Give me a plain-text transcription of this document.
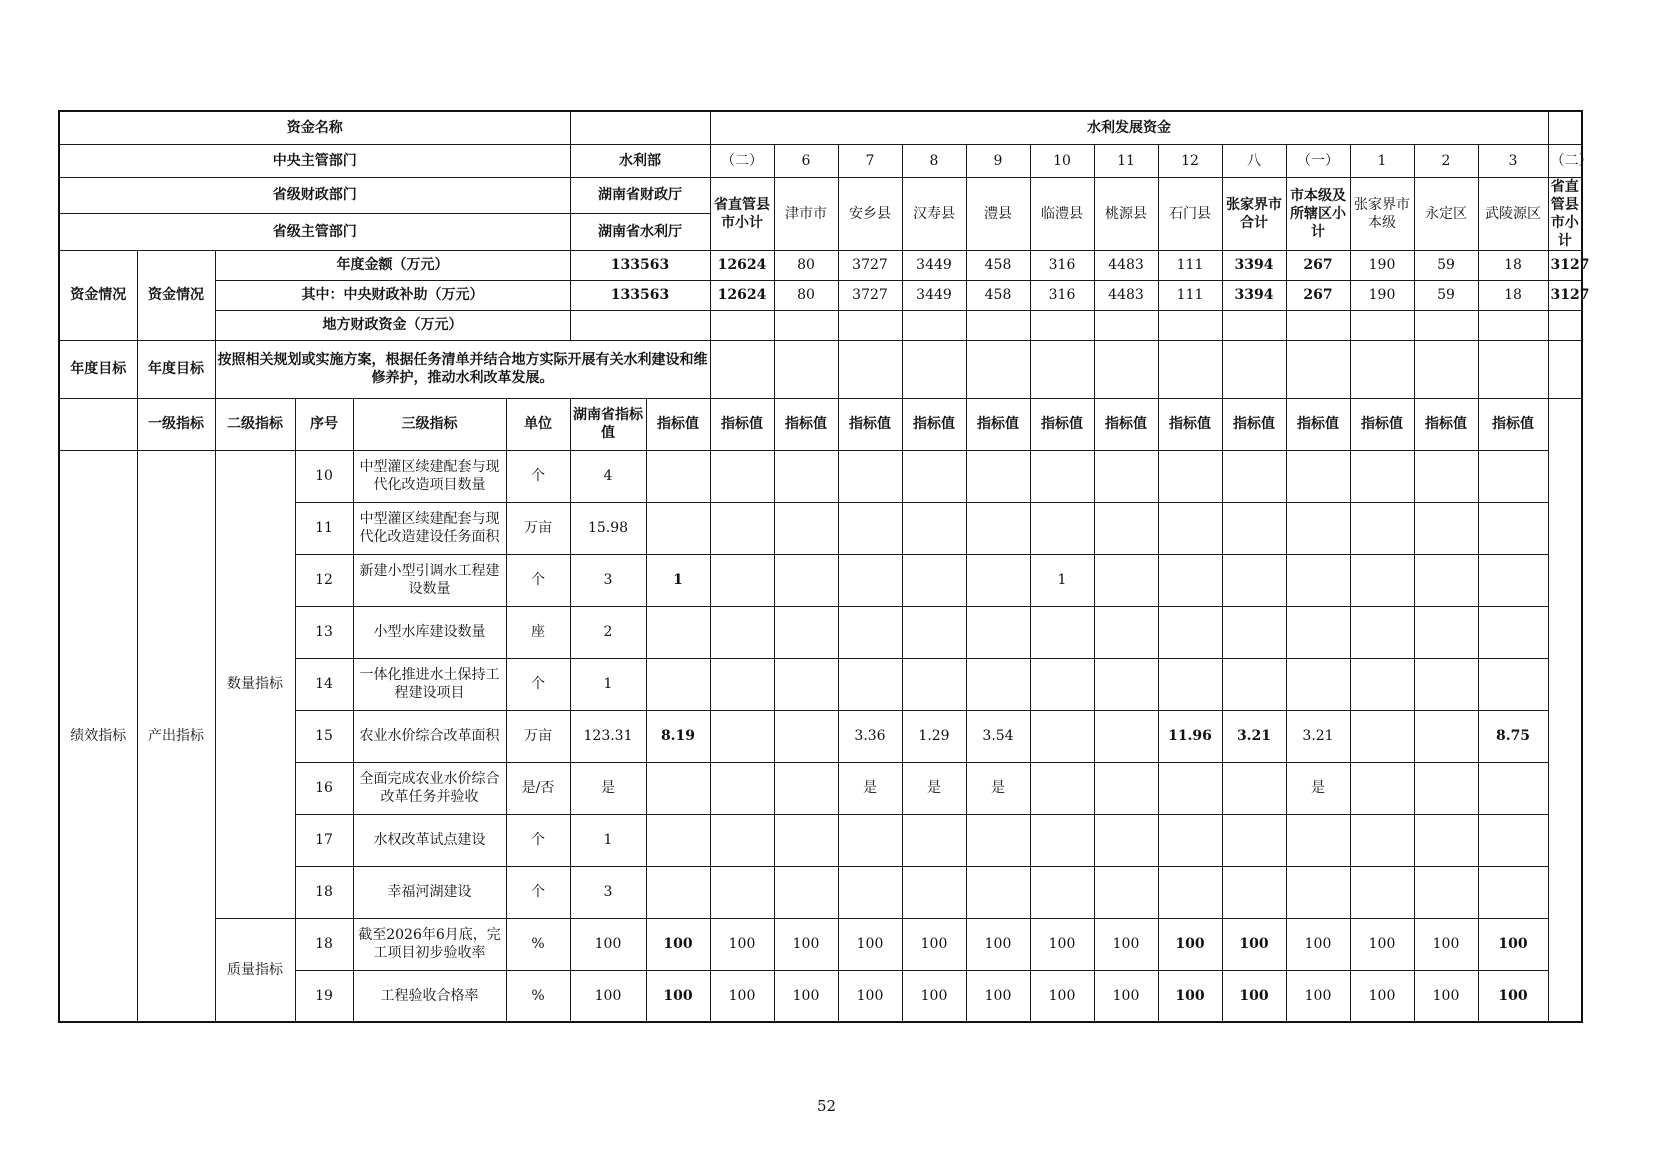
资金名称								水利发展资金													
中央主管部门						水利部		（二）	6	7	8	9	10	11	12	八	（一）	1	2	3	（二）
省级财政部门						湖南省财政厅		省直管县市小计	津市市	安乡县	汉寿县	澧县	临澧县	桃源县	石门县	张家界市合计	市本级及所辖区小计	张家界市本级	永定区	武陵源区	省直管县市小计
省级主管部门						湖南省水利厅															
资金情况	资金情况	年度金额（万元）				133563		12624	80	3727	3449	458	316	4483	111	3394	267	190	59	18	3127
		其中：中央财政补助（万元）				133563		12624	80	3727	3449	458	316	4483	111	3394	267	190	59	18	3127
		地方财政资金（万元）																			
年度目标	年度目标	按照相关规划或实施方案，根据任务清单并结合地方实际开展有关水利建设和维修养护，推动水利改革发展。																			
	一级指标	二级指标	序号	三级指标	单位	湖南省指标值	指标值	指标值	指标值	指标值	指标值	指标值	指标值	指标值	指标值	指标值	指标值	指标值	指标值	指标值	
绩效指标	产出指标	数量指标	10	中型灌区续建配套与现代化改造项目数量	个	4															
			11	中型灌区续建配套与现代化改造建设任务面积	万亩	15.98															
			12	新建小型引调水工程建设数量	个	3	1						1								
			13	小型水库建设数量	座	2															
			14	一体化推进水土保持工程建设项目	个	1															
			15	农业水价综合改革面积	万亩	123.31	8.19			3.36	1.29	3.54			11.96	3.21	3.21			8.75	
			16	全面完成农业水价综合改革任务并验收	是/否	是				是	是	是					是				
			17	水权改革试点建设	个	1															
			18	幸福河湖建设	个	3															
		质量指标	18	截至2026年6月底，完工项目初步验收率	%	100	100	100	100	100	100	100	100	100	100	100	100	100	100	100	
			19	工程验收合格率	%	100	100	100	100	100	100	100	100	100	100	100	100	100	100	100	
52
